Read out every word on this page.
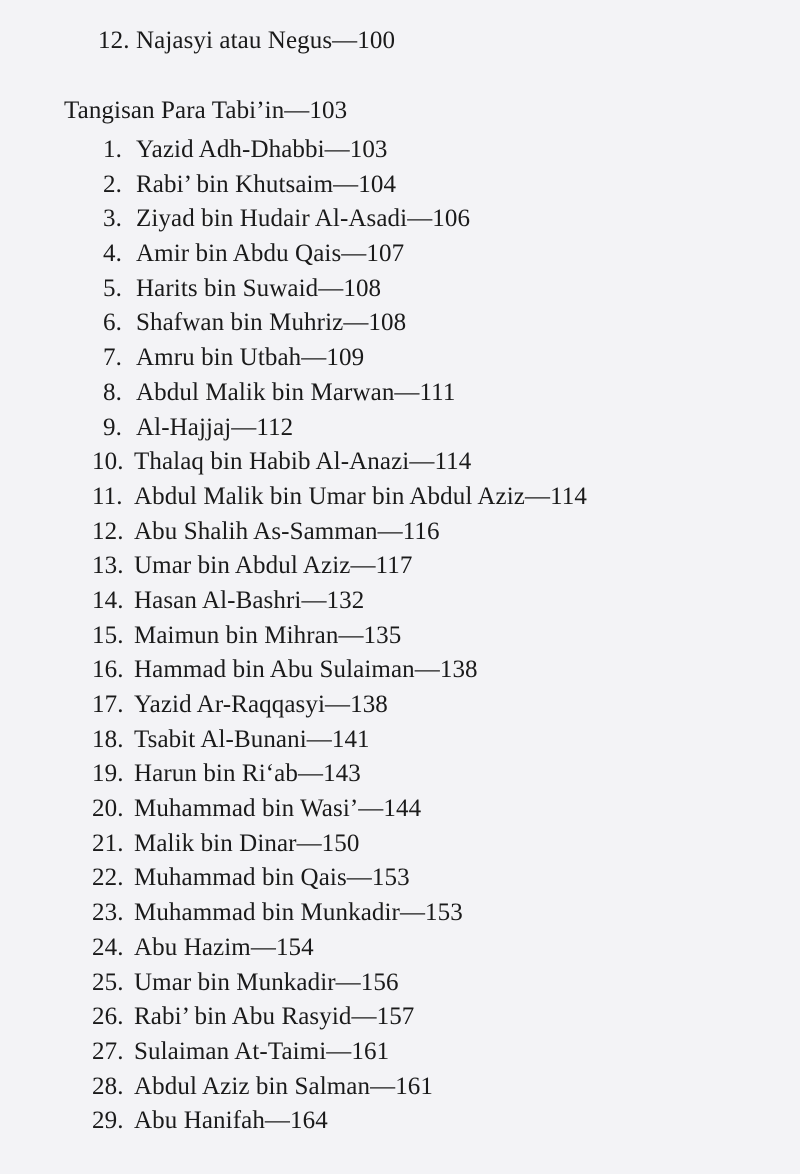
12. Najasyi atau Negus—100
Tangisan Para Tabi’in—103
1. Yazid Adh-Dhabbi—103
2. Rabi’ bin Khutsaim—104
3. Ziyad bin Hudair Al-Asadi—106
4. Amir bin Abdu Qais—107
5. Harits bin Suwaid—108
6. Shafwan bin Muhriz—108
7. Amru bin Utbah—109
8. Abdul Malik bin Marwan—111
9. Al-Hajjaj—112
10. Thalaq bin Habib Al-Anazi—114
11. Abdul Malik bin Umar bin Abdul Aziz—114
12. Abu Shalih As-Samman—116
13. Umar bin Abdul Aziz—117
14. Hasan Al-Bashri—132
15. Maimun bin Mihran—135
16. Hammad bin Abu Sulaiman—138
17. Yazid Ar-Raqqasyi—138
18. Tsabit Al-Bunani—141
19. Harun bin Ri‘ab—143
20. Muhammad bin Wasi’—144
21. Malik bin Dinar—150
22. Muhammad bin Qais—153
23. Muhammad bin Munkadir—153
24. Abu Hazim—154
25. Umar bin Munkadir—156
26. Rabi’ bin Abu Rasyid—157
27. Sulaiman At-Taimi—161
28. Abdul Aziz bin Salman—161
29. Abu Hanifah—164
